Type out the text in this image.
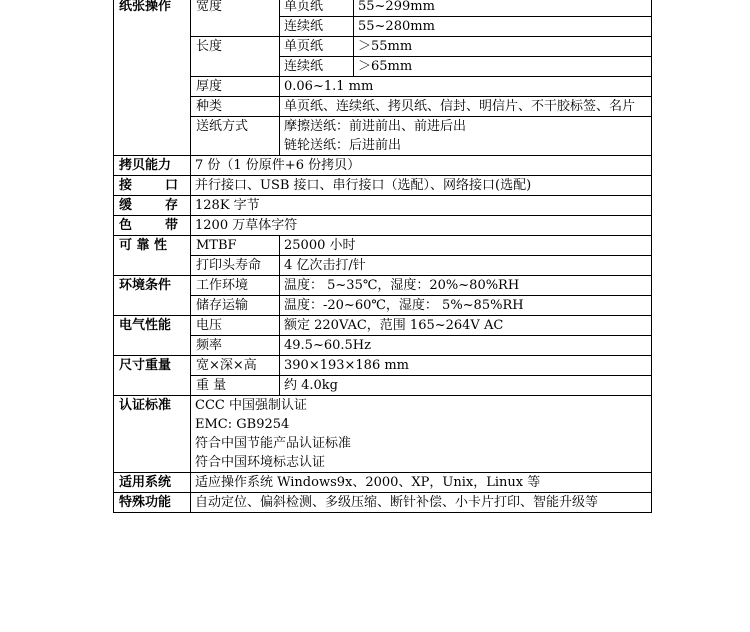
纸张操作	宽度	单页纸	55~299mm
		连续纸	55~280mm
	长度	单页纸	＞55mm
		连续纸	＞65mm
	厚度	0.06~1.1 mm	
	种类	单页纸、连续纸、拷贝纸、信封、明信片、不干胶标签、名片	
	送纸方式	摩擦送纸：前进前出、前进后出
链轮送纸：后进前出	

拷贝能力	7 份（1 份原件+6 份拷贝）		

接 口	并行接口、USB 接口、串行接口（选配）、网络接口(选配)		

缓 存	128K 字节		

色 带	1200 万草体字符		
可 靠 性	MTBF	25000 小时	
	打印头寿命	4 亿次击打/针	
环境条件	工作环境	温度： 5~35℃，湿度：20%~80%RH	
	储存运输	温度：-20~60℃，湿度： 5%~85%RH	
电气性能	电压	额定 220VAC，范围 165~264V AC	
	频率	49.5~60.5Hz	
尺寸重量	宽×深×高	390×193×186 mm	
	重 量	约 4.0kg	
认证标准	CCC 中国强制认证
EMC: GB9254
符合中国节能产品认证标准
符合中国环境标志认证		

适用系统	适应操作系统 Windows9x、2000、XP，Unix，Linux 等		
特殊功能	自动定位、偏斜检测、多级压缩、断针补偿、小卡片打印、智能升级等		
